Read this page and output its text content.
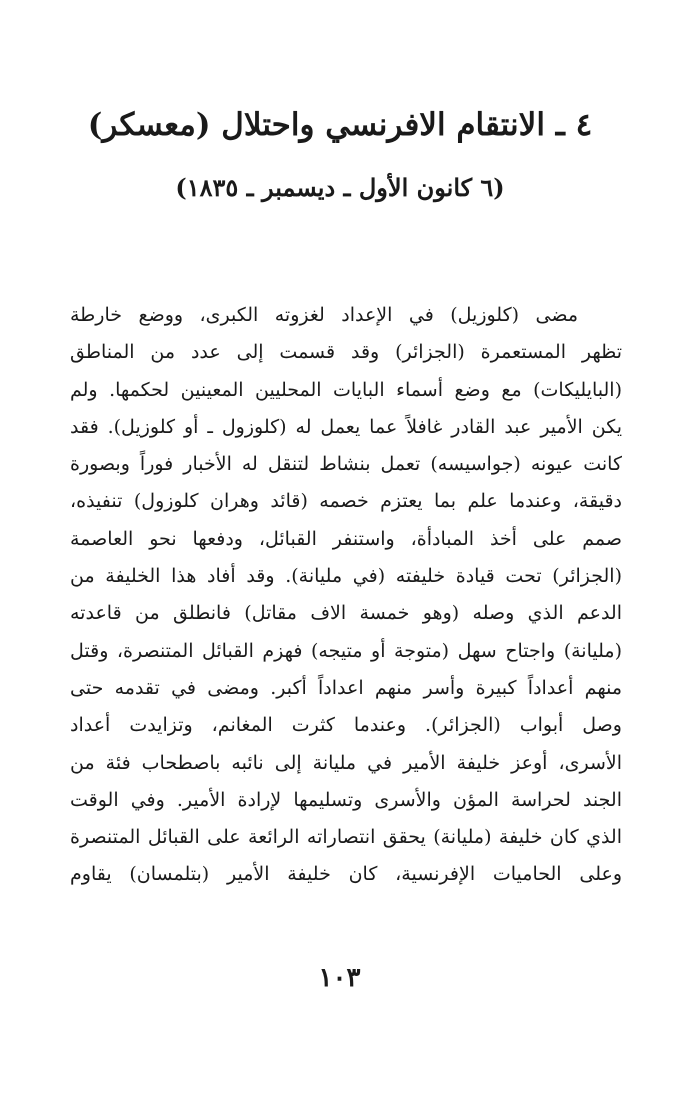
٤ ـ الانتقام الافرنسي واحتلال (معسكر)
(٦ كانون الأول ـ ديسمبر ـ ١٨٣٥)
مضى (كلوزيل) في الإعداد لغزوته الكبرى، ووضع خارطة
تظهر المستعمرة (الجزائر) وقد قسمت إلى عدد من المناطق
(البايليكات) مع وضع أسماء البايات المحليين المعينين لحكمها. ولم
يكن الأمير عبد القادر غافلاً عما يعمل له (كلوزول ـ أو كلوزيل). فقد
كانت عيونه (جواسيسه) تعمل بنشاط لتنقل له الأخبار فوراً وبصورة
دقيقة، وعندما علم بما يعتزم خصمه (قائد وهران كلوزول) تنفيذه،
صمم على أخذ المبادأة، واستنفر القبائل، ودفعها نحو العاصمة
(الجزائر) تحت قيادة خليفته (في مليانة). وقد أفاد هذا الخليفة من
الدعم الذي وصله (وهو خمسة الاف مقاتل) فانطلق من قاعدته
(مليانة) واجتاح سهل (متوجة أو متيجه) فهزم القبائل المتنصرة، وقتل
منهم أعداداً كبيرة وأسر منهم اعداداً أكبر. ومضى في تقدمه حتى
وصل أبواب (الجزائر). وعندما كثرت المغانم، وتزايدت أعداد
الأسرى، أوعز خليفة الأمير في مليانة إلى نائبه باصطحاب فئة من
الجند لحراسة المؤن والأسرى وتسليمها لإرادة الأمير. وفي الوقت
الذي كان خليفة (مليانة) يحقق انتصاراته الرائعة على القبائل المتنصرة
وعلى الحاميات الإفرنسية، كان خليفة الأمير (بتلمسان) يقاوم
١٠٣
